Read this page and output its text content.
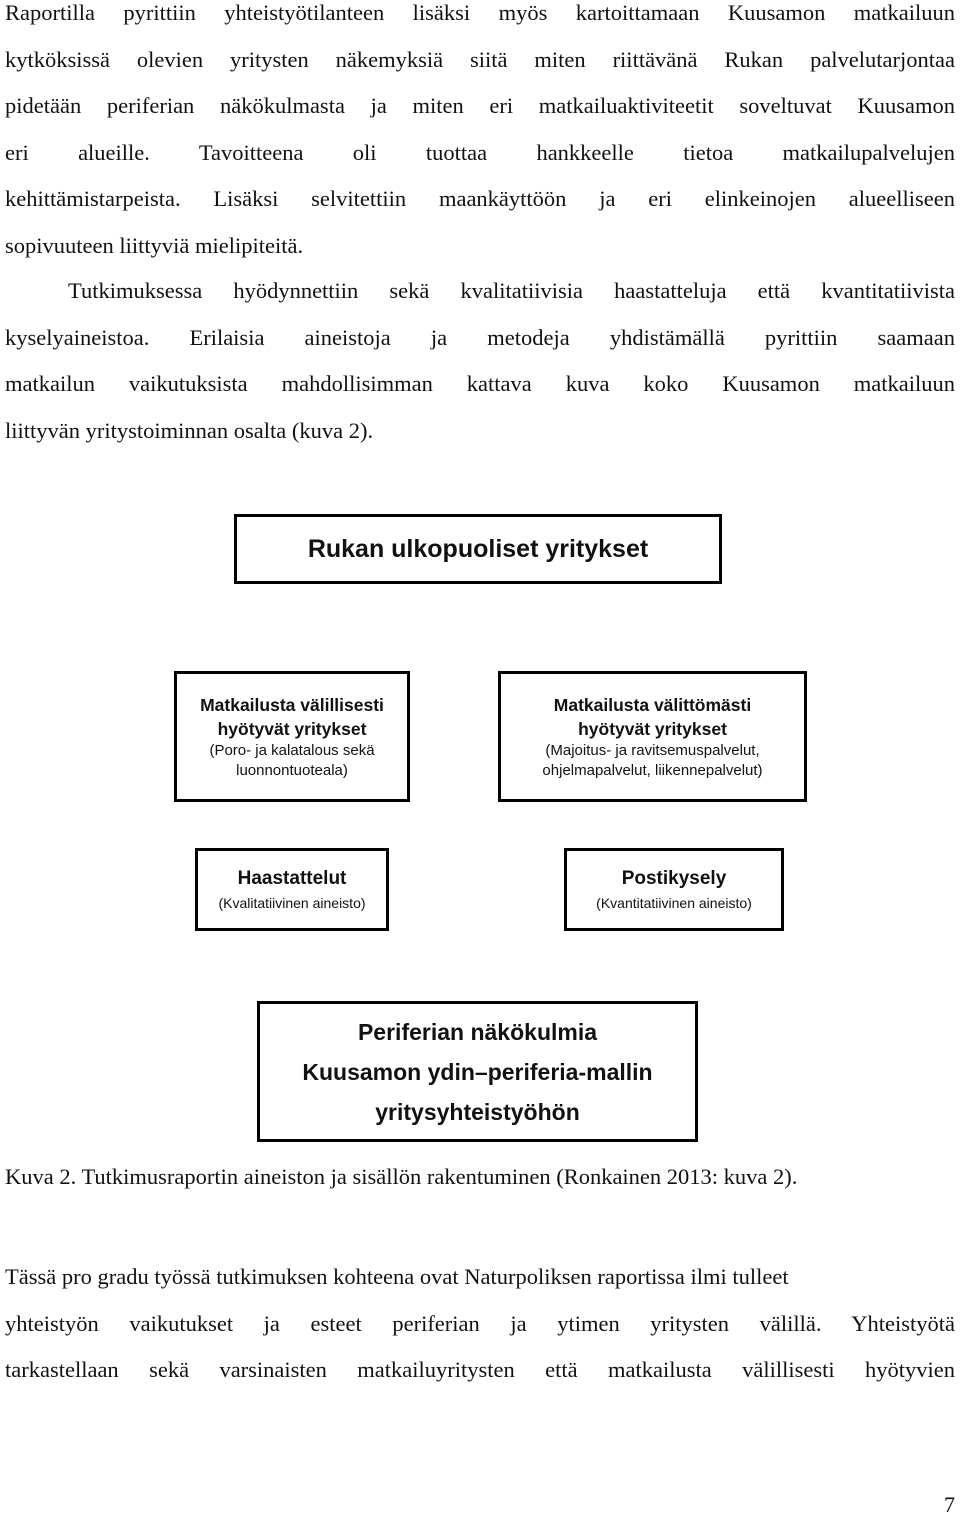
Raportilla pyrittiin yhteistyötilanteen lisäksi myös kartoittamaan Kuusamon matkailuun
kytköksissä olevien yritysten näkemyksiä siitä miten riittävänä Rukan palvelutarjontaa
pidetään periferian näkökulmasta ja miten eri matkailuaktiviteetit soveltuvat Kuusamon
eri alueille. Tavoitteena oli tuottaa hankkeelle tietoa matkailupalvelujen
kehittämistarpeista. Lisäksi selvitettiin maankäyttöön ja eri elinkeinojen alueelliseen
sopivuuteen liittyviä mielipiteitä.
Tutkimuksessa hyödynnettiin sekä kvalitatiivisia haastatteluja että kvantitatiivista
kyselyaineistoa. Erilaisia aineistoja ja metodeja yhdistämällä pyrittiin saamaan
matkailun vaikutuksista mahdollisimman kattava kuva koko Kuusamon matkailuun
liittyvän yritystoiminnan osalta (kuva 2).
Rukan ulkopuoliset yritykset
Matkailusta välillisesti
hyötyvät yritykset
(Poro- ja kalatalous sekä
luonnontuoteala)
Matkailusta välittömästi
hyötyvät yritykset
(Majoitus- ja ravitsemuspalvelut,
ohjelmapalvelut, liikennepalvelut)
Haastattelut
(Kvalitatiivinen aineisto)
Postikysely
(Kvantitatiivinen aineisto)
Periferian näkökulmia
Kuusamon ydin–periferia-mallin
yritysyhteistyöhön
Kuva 2. Tutkimusraportin aineiston ja sisällön rakentuminen (Ronkainen 2013: kuva 2).
Tässä pro gradu työssä tutkimuksen kohteena ovat Naturpoliksen raportissa ilmi tulleet
yhteistyön vaikutukset ja esteet periferian ja ytimen yritysten välillä. Yhteistyötä
tarkastellaan sekä varsinaisten matkailuyritysten että matkailusta välillisesti hyötyvien
7
